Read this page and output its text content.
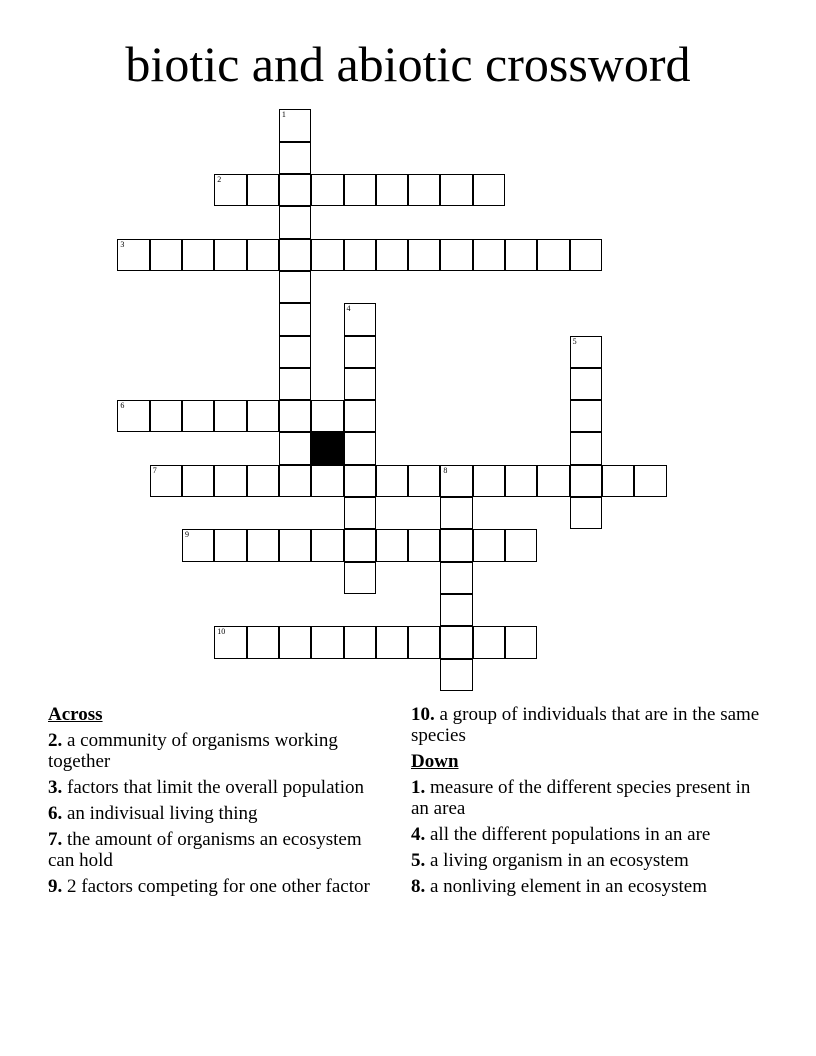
biotic and abiotic crossword
1
2
3
4
5
6
7	8
9
10
Across
2. a community of organisms working together
3. factors that limit the overall population
6. an indivisual living thing
7. the amount of organisms an ecosystem can hold
9. 2 factors competing for one other factor
10. a group of individuals that are in the same species
Down
1. measure of the different species present in an area
4. all the different populations in an are
5. a living organism in an ecosystem
8. a nonliving element in an ecosystem
